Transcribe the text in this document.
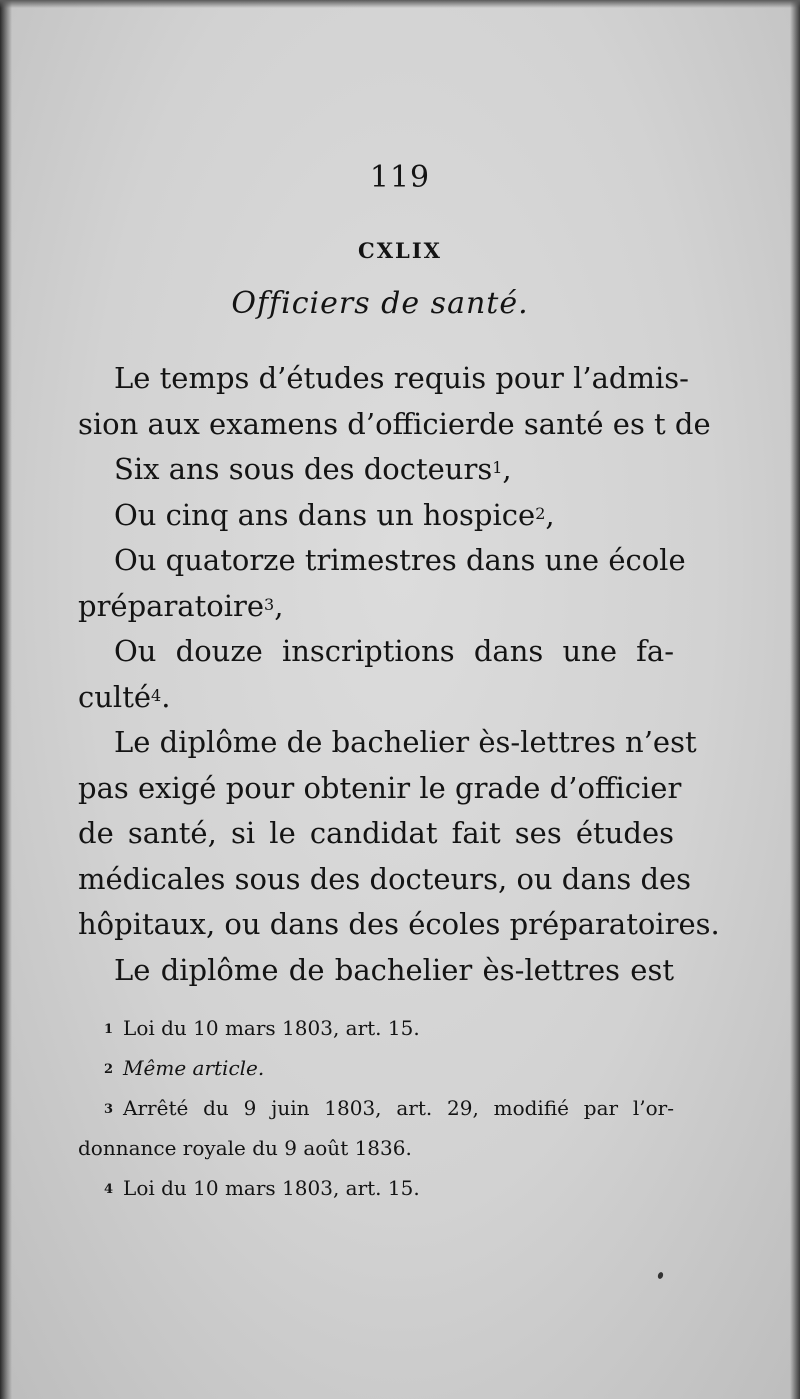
119
CXLIX
Officiers de santé.
Le temps d’études requis pour l’admis-
sion aux examens d’officierde santé es t de
Six ans sous des docteurs$^1$,
Ou cinq ans dans un hospice$^2$,
Ou quatorze trimestres dans une école
préparatoire$^3$,
Ou douze inscriptions dans une fa-
culté$^4$.
Le diplôme de bachelier ès-lettres n’est
pas exigé pour obtenir le grade d’officier
de santé, si le candidat fait ses études
médicales sous des docteurs, ou dans des
hôpitaux, ou dans des écoles préparatoires.
Le diplôme de bachelier ès-lettres est
$^1$ Loi du 10 mars 1803, art. 15.
$^2$ Même article.
$^3$ Arrêté du 9 juin 1803, art. 29, modifié par l’or-
donnance royale du 9 août 1836.
$^4$ Loi du 10 mars 1803, art. 15.
